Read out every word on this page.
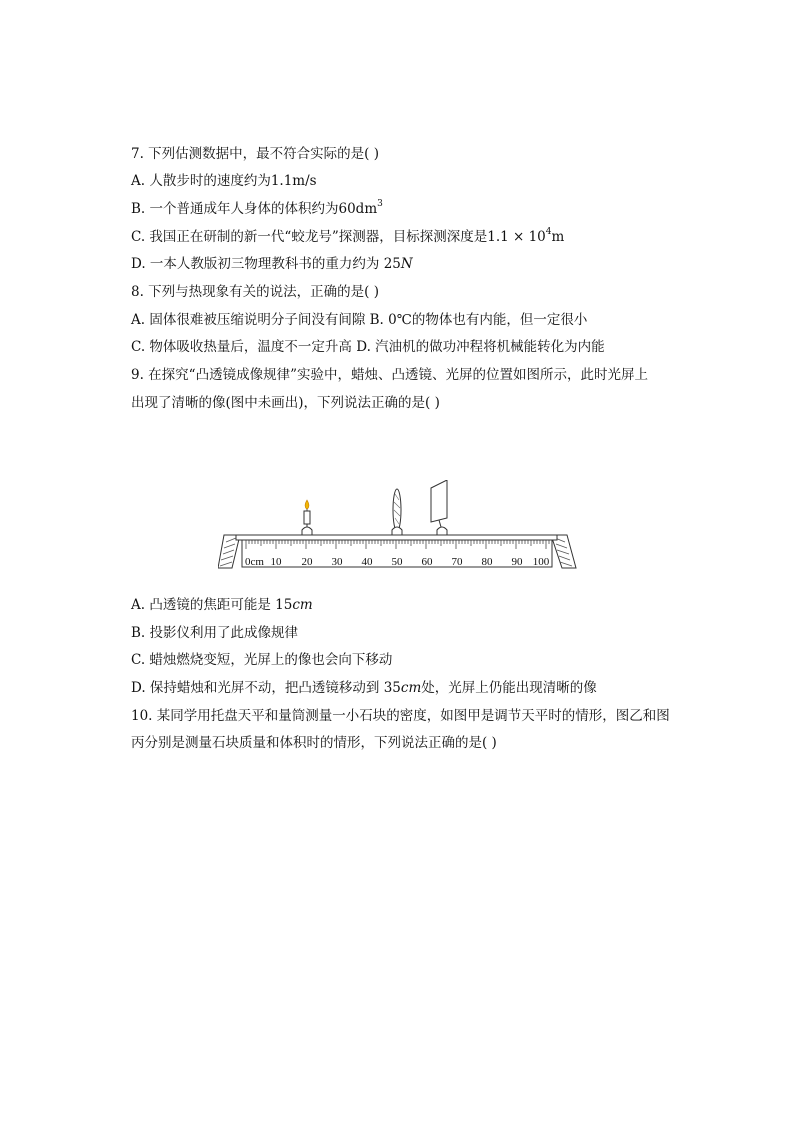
7. 下列估测数据中，最不符合实际的是( )
A. 人散步时的速度约为1.1m/s
B. 一个普通成年人身体的体积约为$60dm^3$
C. 我国正在研制的新一代“蛟龙号”探测器，目标探测深度是$1.1 \times 10^4m$
D. 一本人教版初三物理教科书的重力约为 25N
8. 下列与热现象有关的说法，正确的是( )
A. 固体很难被压缩说明分子间没有间隙 B. 0℃的物体也有内能，但一定很小
C. 物体吸收热量后，温度不一定升高 D. 汽油机的做功冲程将机械能转化为内能
9. 在探究“凸透镜成像规律”实验中，蜡烛、凸透镜、光屏的位置如图所示，此时光屏上
出现了清晰的像(图中未画出)，下列说法正确的是( )
0cm 10 20 30 40 50 60 70 80 90 100
A. 凸透镜的焦距可能是 15cm
B. 投影仪利用了此成像规律
C. 蜡烛燃烧变短，光屏上的像也会向下移动
D. 保持蜡烛和光屏不动，把凸透镜移动到 35cm处，光屏上仍能出现清晰的像
10. 某同学用托盘天平和量筒测量一小石块的密度，如图甲是调节天平时的情形，图乙和图
丙分别是测量石块质量和体积时的情形，下列说法正确的是( )
